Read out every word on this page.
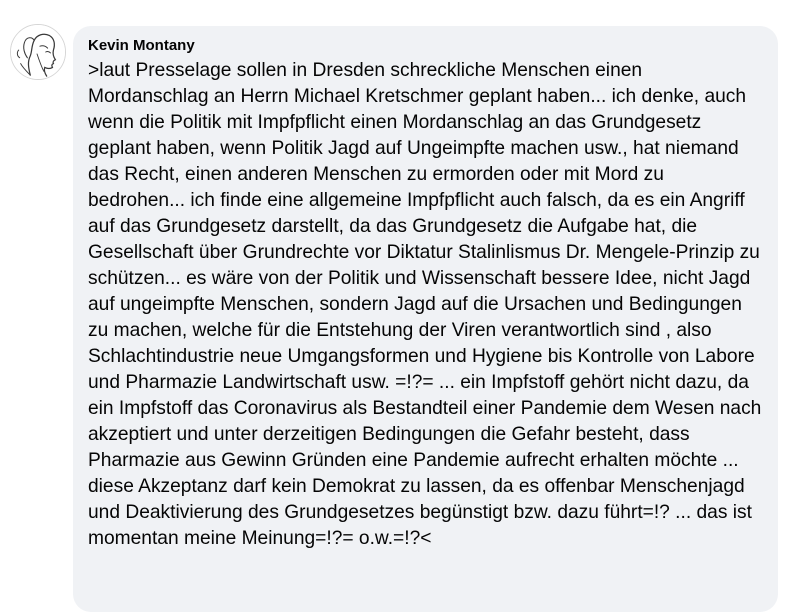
Kevin Montany

>laut Presselage sollen in Dresden schreckliche Menschen einen Mordanschlag an Herrn Michael Kretschmer geplant haben... ich denke, auch wenn die Politik mit Impfpflicht einen Mordanschlag an das Grundgesetz geplant haben, wenn Politik Jagd auf Ungeimpfte machen usw., hat niemand das Recht, einen anderen Menschen zu ermorden oder mit Mord zu bedrohen... ich finde eine allgemeine Impfpflicht auch falsch, da es ein Angriff auf das Grundgesetz darstellt, da das Grundgesetz die Aufgabe hat, die Gesellschaft über Grundrechte vor Diktatur Stalinlismus Dr. Mengele-Prinzip zu schützen... es wäre von der Politik und Wissenschaft bessere Idee, nicht Jagd auf ungeimpfte Menschen, sondern Jagd auf die Ursachen und Bedingungen zu machen, welche für die Entstehung der Viren verantwortlich sind , also Schlachtindustrie neue Umgangsformen und Hygiene bis Kontrolle von Labore und Pharmazie Landwirtschaft usw. =!?= ... ein Impfstoff gehört nicht dazu, da ein Impfstoff das Coronavirus als Bestandteil einer Pandemie dem Wesen nach akzeptiert und unter derzeitigen Bedingungen die Gefahr besteht, dass Pharmazie aus Gewinn Gründen eine Pandemie aufrecht erhalten möchte ... diese Akzeptanz darf kein Demokrat zu lassen, da es offenbar Menschenjagd und Deaktivierung des Grundgesetzes begünstigt bzw. dazu führt=!? ... das ist momentan meine Meinung=!?= o.w.=!?<
